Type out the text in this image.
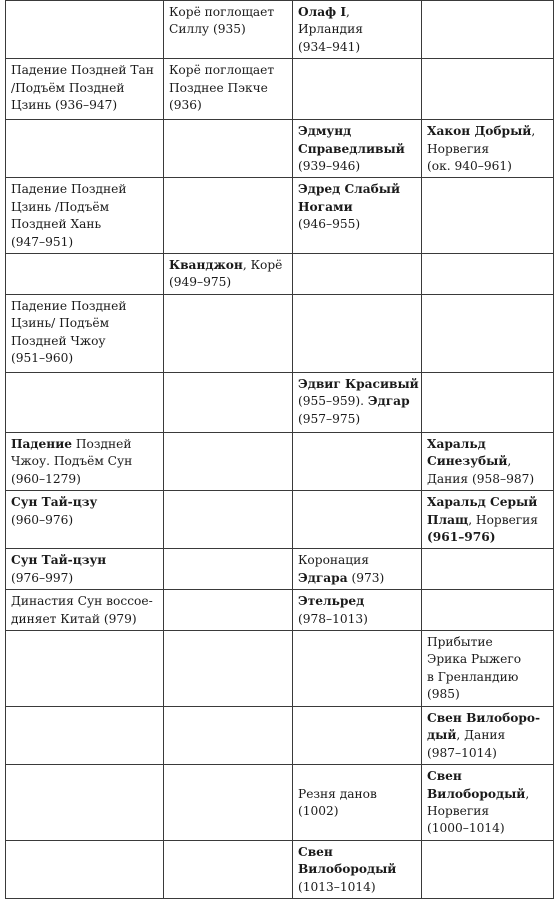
	Корё поглощает
Силлу (935)	Олаф I,
Ирландия
(934–941)	

Падение Поздней Тан
/Подъём Поздней
Цзинь (936–947)	Корё поглощает
Позднее Пэкче
(936)		

		Эдмунд
Справедливый
(939–946)	Хакон Добрый,
Норвегия
(ок. 940–961)

Падение Поздней
Цзинь /Подъём
Поздней Хань
(947–951)		Эдред Слабый
Ногами
(946–955)	

	Кванджон, Корё
(949–975)		

Падение Поздней
Цзинь/ Подъём
Поздней Чжоу
(951–960)			

		Эдвиг Красивый
(955–959). Эдгар
(957–975)	

Падение Поздней
Чжоу. Подъём Сун
(960–1279)			Харальд
Синезубый,
Дания (958–987)

Сун Тай-цзу
(960–976)			Харальд Серый
Плащ, Норвегия
(961–976)

Сун Тай-цзун
(976–997)		Коронация
Эдгара (973)	

Династия Сун воссое-
диняет Китай (979)		Этельред
(978–1013)	

			Прибытие
Эрика Рыжего
в Гренландию
(985)

			Свен Вилоборо-
дый, Дания
(987–1014)

		Резня данов
(1002)	Свен
Вилобородый,
Норвегия
(1000–1014)

		Свен
Вилобородый
(1013–1014)	
